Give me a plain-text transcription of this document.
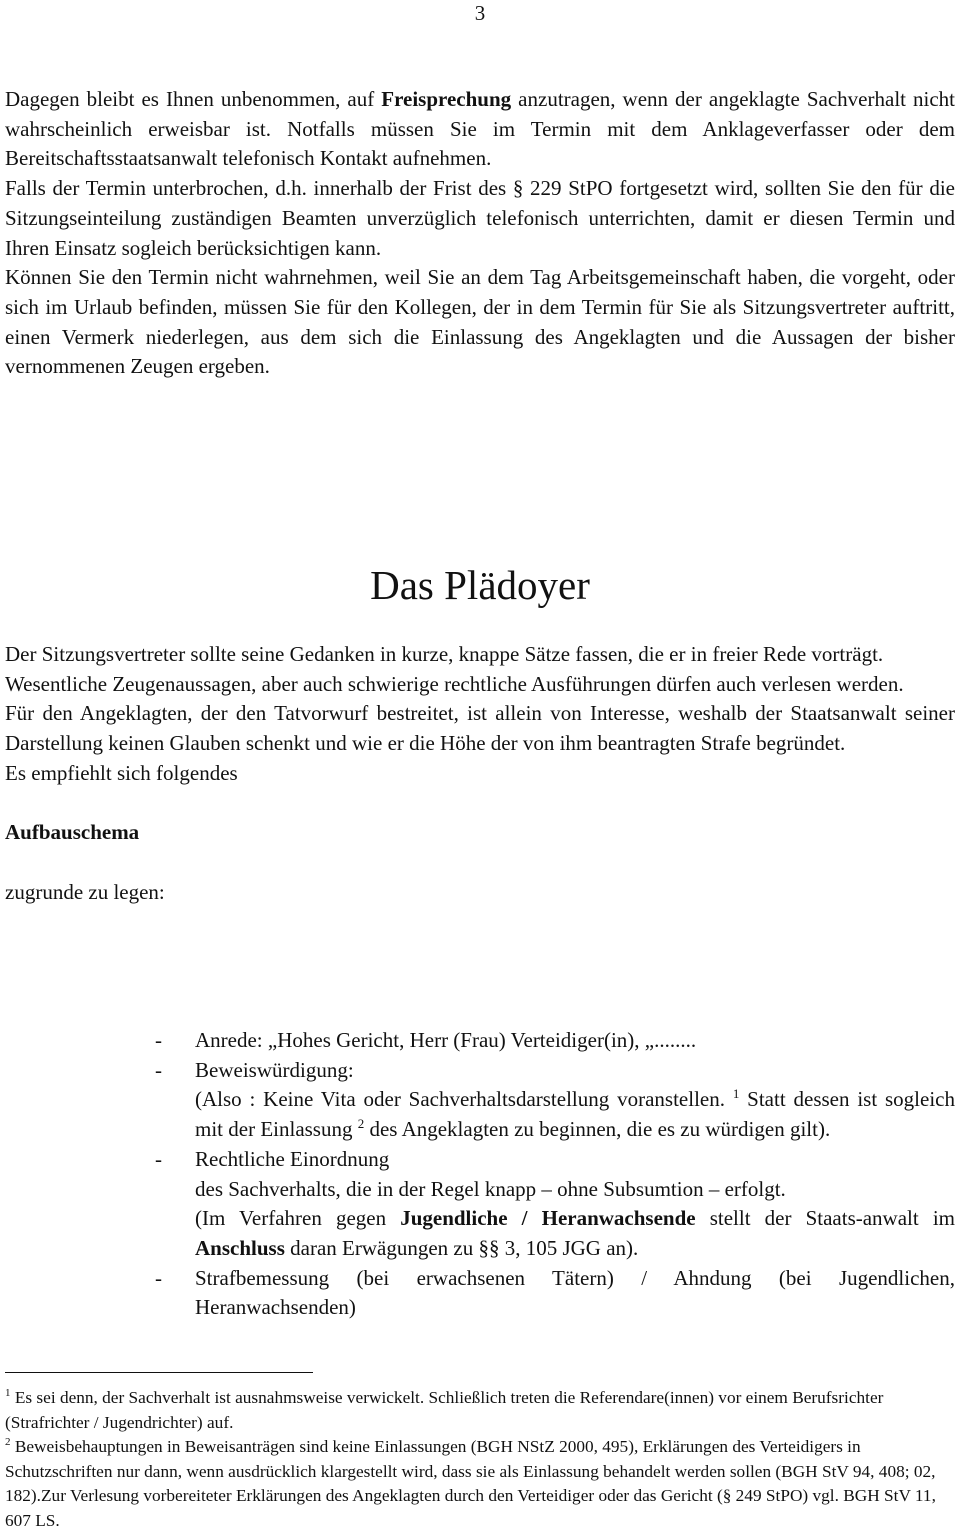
3
Dagegen bleibt es Ihnen unbenommen, auf Freisprechung anzutragen, wenn der angeklagte Sachverhalt nicht wahrscheinlich erweisbar ist. Notfalls müssen Sie im Termin mit dem Anklageverfasser oder dem Bereitschaftsstaatsanwalt telefonisch Kontakt aufnehmen.
Falls der Termin unterbrochen, d.h. innerhalb der Frist des § 229 StPO fortgesetzt wird, sollten Sie den für die Sitzungseinteilung zuständigen Beamten unverzüglich telefonisch unterrichten, damit er diesen Termin und Ihren Einsatz sogleich berücksichtigen kann.
Können Sie den Termin nicht wahrnehmen, weil Sie an dem Tag Arbeitsgemeinschaft haben, die vorgeht, oder sich im Urlaub befinden, müssen Sie für den Kollegen, der in dem Termin für Sie als Sitzungsvertreter auftritt, einen Vermerk niederlegen, aus dem sich die Einlassung des Angeklagten und die Aussagen der bisher vernommenen Zeugen ergeben.
Das Plädoyer
Der Sitzungsvertreter sollte seine Gedanken in kurze, knappe Sätze fassen, die er in freier Rede vorträgt.
Wesentliche Zeugenaussagen, aber auch schwierige rechtliche Ausführungen dürfen auch verlesen werden.
Für den Angeklagten, der den Tatvorwurf bestreitet, ist allein von Interesse, weshalb der Staatsanwalt seiner Darstellung keinen Glauben schenkt und wie er die Höhe der von ihm beantragten Strafe begründet.
Es empfiehlt sich folgendes
Aufbauschema
zugrunde zu legen:
- Anrede: „Hohes Gericht, Herr (Frau) Verteidiger(in), „........
- Beweiswürdigung:
(Also : Keine Vita oder Sachverhaltsdarstellung voranstellen. $^1$ Statt dessen ist sogleich mit der Einlassung $^2$ des Angeklagten zu beginnen, die es zu würdigen gilt).
- Rechtliche Einordnung
des Sachverhalts, die in der Regel knapp – ohne Subsumtion – erfolgt.
(Im Verfahren gegen Jugendliche / Heranwachsende stellt der Staats-anwalt im Anschluss daran Erwägungen zu §§ 3, 105 JGG an).
- Strafbemessung (bei erwachsenen Tätern) / Ahndung (bei Jugendlichen, Heranwachsenden)
$^1$ Es sei denn, der Sachverhalt ist ausnahmsweise verwickelt. Schließlich treten die Referendare(innen) vor einem Berufsrichter (Strafrichter / Jugendrichter) auf.
$^2$ Beweisbehauptungen in Beweisanträgen sind keine Einlassungen (BGH NStZ 2000, 495), Erklärungen des Verteidigers in Schutzschriften nur dann, wenn ausdrücklich klargestellt wird, dass sie als Einlassung behandelt werden sollen (BGH StV 94, 408; 02, 182).Zur Verlesung vorbereiteter Erklärungen des Angeklagten durch den Verteidiger oder das Gericht (§ 249 StPO) vgl. BGH StV 11, 607 LS.
